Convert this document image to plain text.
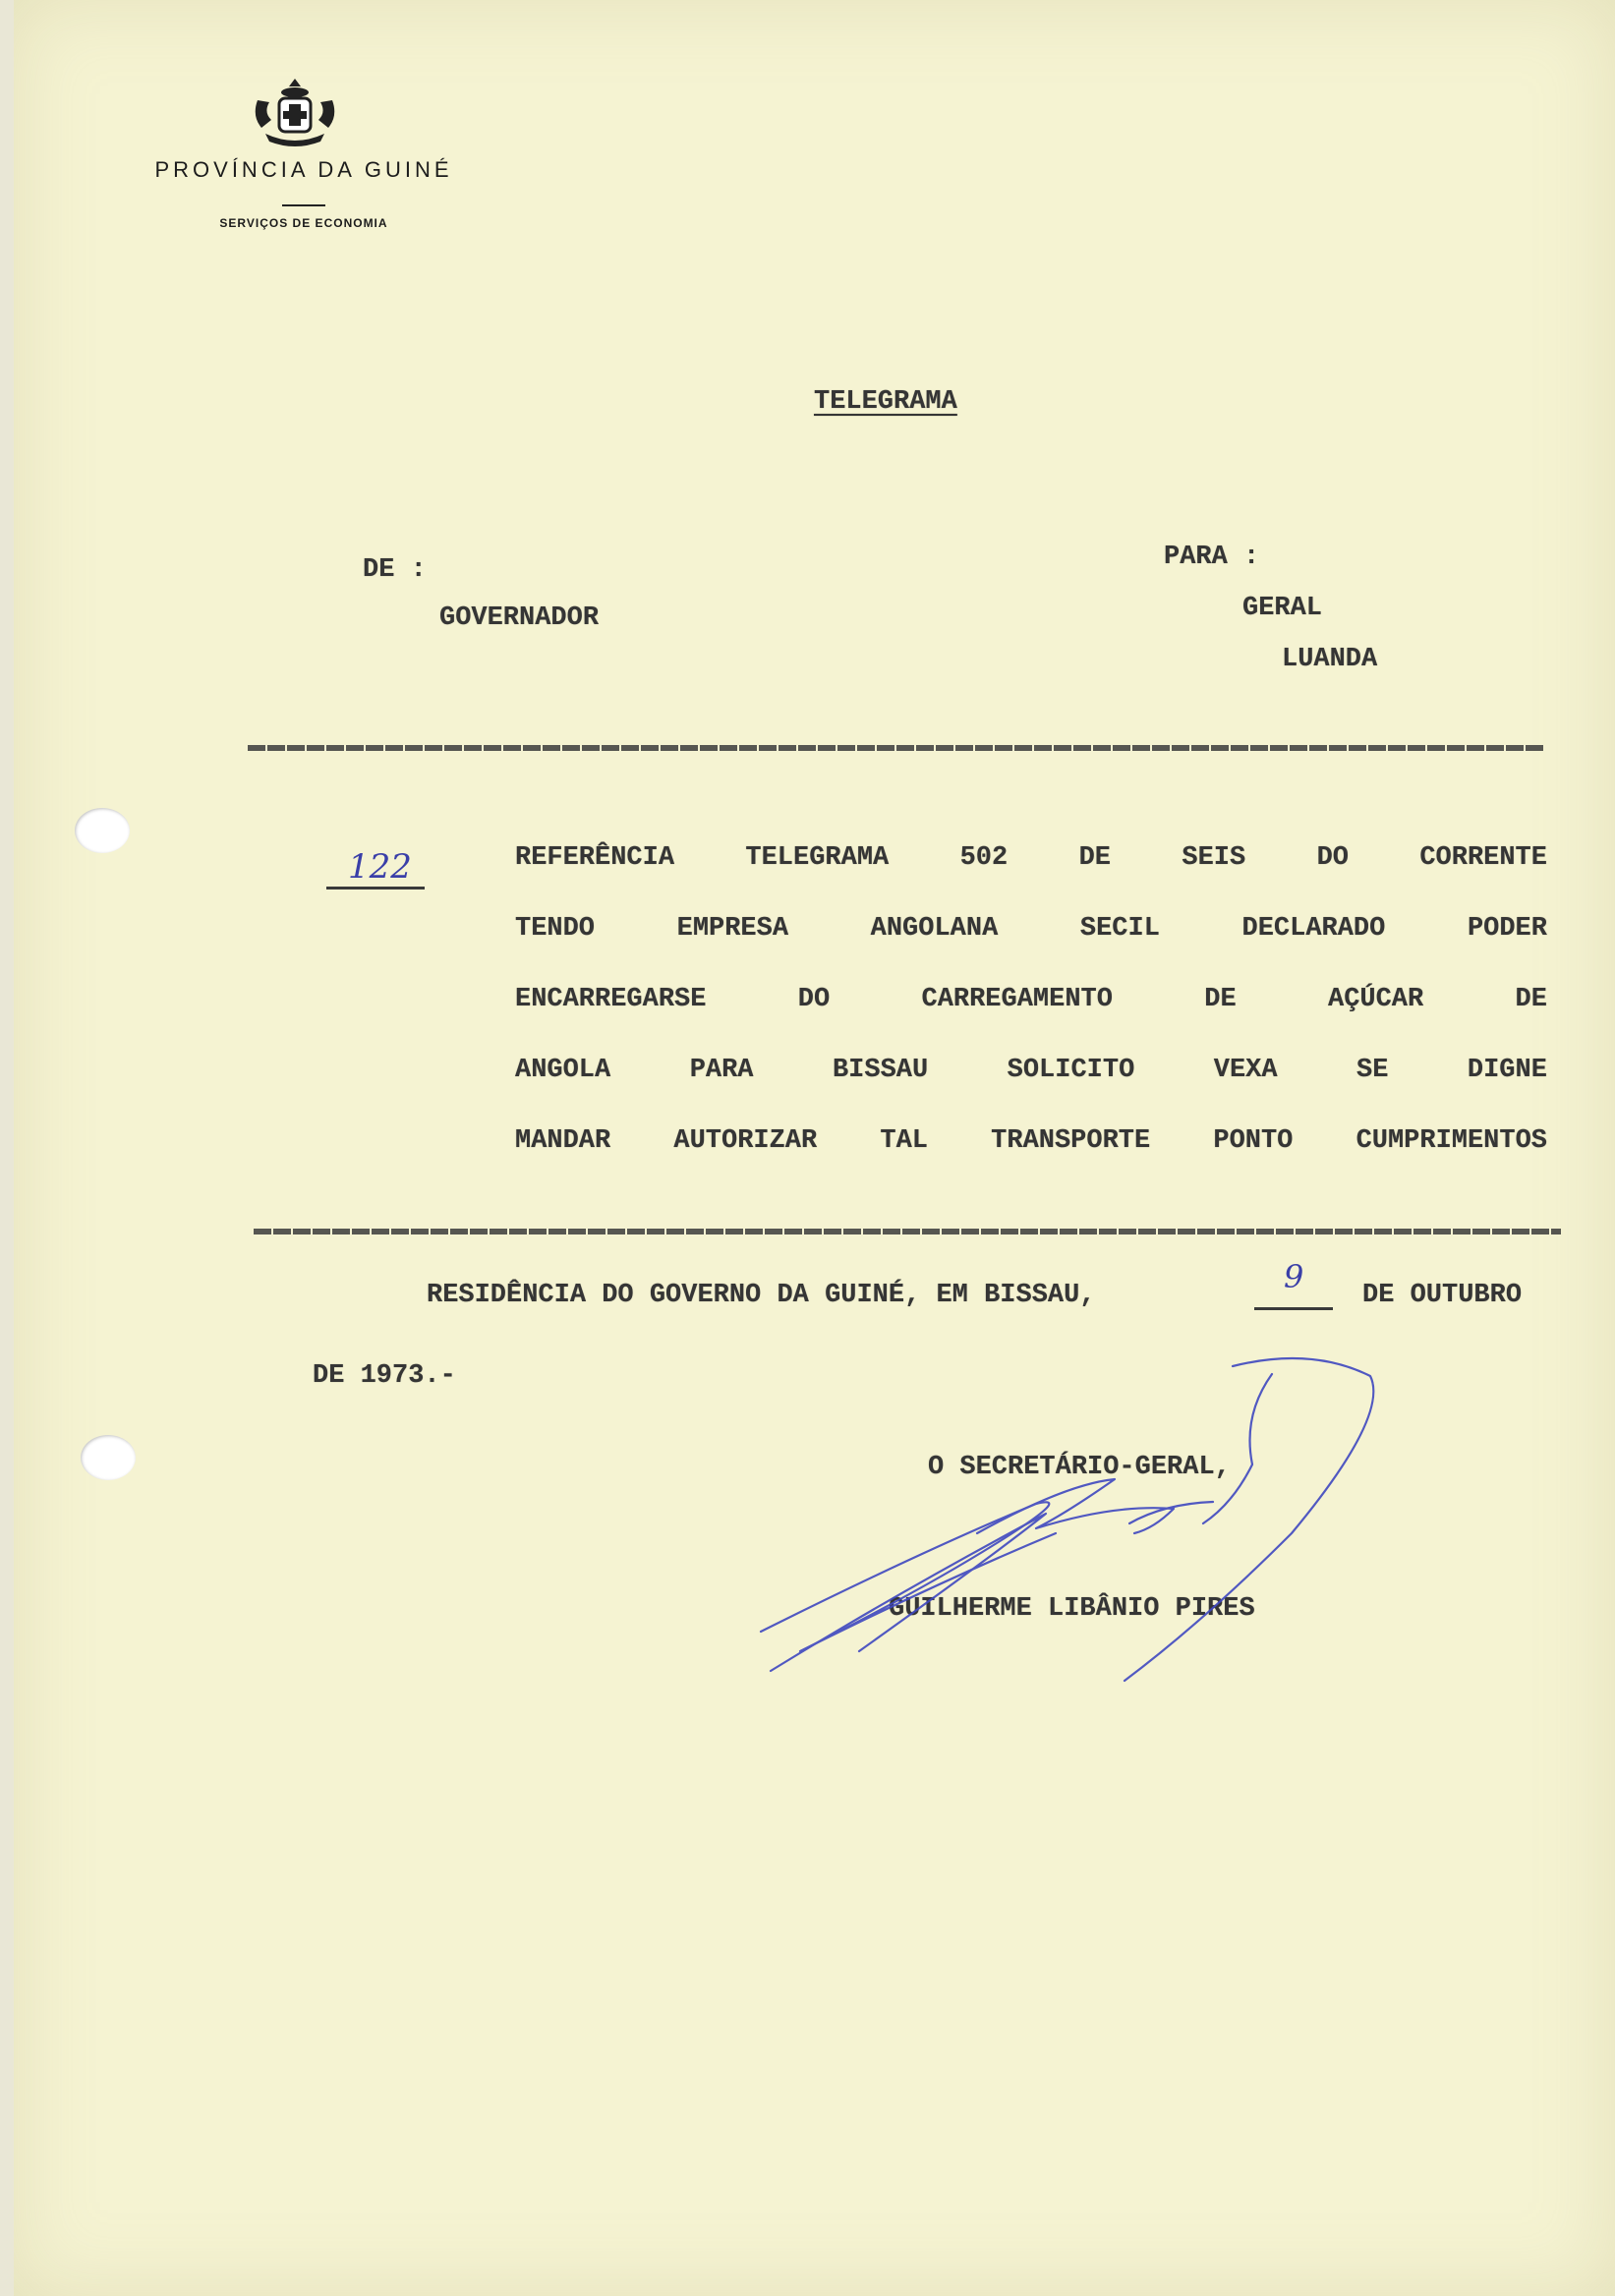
PROVÍNCIA DA GUINÉ
SERVIÇOS DE ECONOMIA
TELEGRAMA
DE :
GOVERNADOR
PARA :
GERAL
LUANDA
122	REFERÊNCIA	TELEGRAMA	502	DE	SEIS	DO	CORRENTE
TENDO	EMPRESA	ANGOLANA	SECIL	DECLARADO	PODER
ENCARREGARSE	DO	CARREGAMENTO	DE	AÇÚCAR	DE
ANGOLA	PARA	BISSAU	SOLICITO	VEXA	SE	DIGNE
MANDAR AUTORIZAR TAL TRANSPORTE PONTO CUMPRIMENTOS
RESIDÊNCIA DO GOVERNO DA GUINÉ, EM BISSAU,	9 DE OUTUBRO
DE 1973.-
O SECRETÁRIO-GERAL,
GUILHERME LIBÂNIO PIRES
